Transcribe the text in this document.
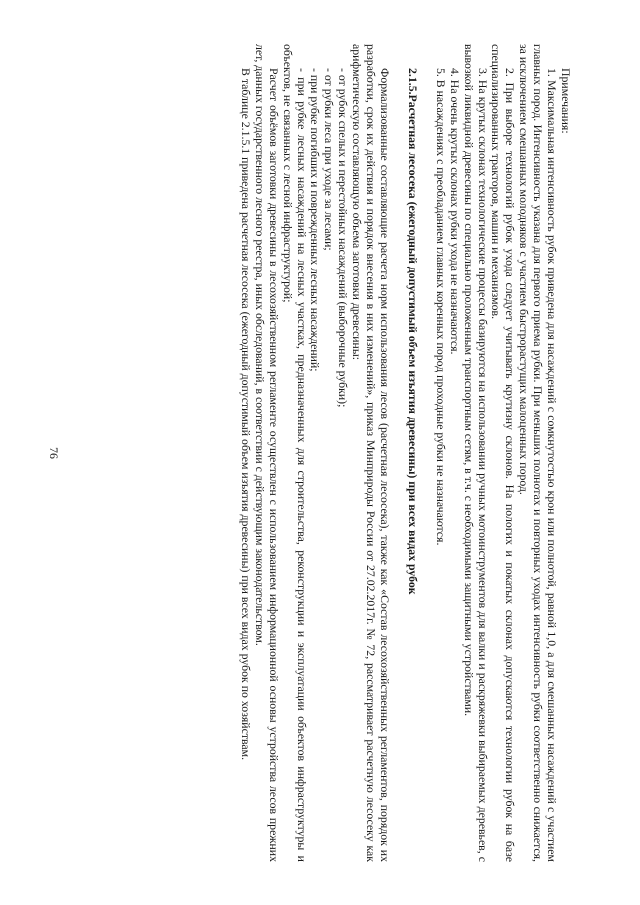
Примечания:

1. Максимальная интенсивность рубок приведена для насаждений с сомкнутостью крон или полнотой, равной 1,0, а для смешанных насаждений с участием главных пород. Интенсивность указана для первого приема рубки. При меньших полнотах и повторных уходах интенсивность рубки соответственно снижается, за исключением смешанных молодняков с участием быстрорастущих малоценных пород.

2. При выборе технологий рубок ухода следует учитывать крутизну склонов. На пологих и покатых склонах допускаются технологии рубок на базе специализированных тракторов, машин и механизмов.

3. На крутых склонах технологические процессы базируются на использовании ручных мотоинструментов для валки и раскряжевки выбираемых деревьев, с вывозкой ликвидной древесины по специально проложенным транспортным сетям, в т.ч. с необходимыми защитными устройствами.

4. На очень крутых склонах рубки ухода не назначаются.

5. В насаждениях с преобладанием главных коренных пород проходные рубки не назначаются.

2.1.5.Расчетная лесосека (ежегодный допустимый объем изъятия древесины) при всех видах рубок

Формализованные составляющие расчета норм использования лесов (расчетная лесосека), также как «Состав лесохозяйственных регламентов, порядок их разработки, срок их действия и порядок внесения в них изменений», приказ Минприроды России от 27.02.2017г. № 72, рассматривает расчетную лесосеку как арифметическую составляющую объема заготовки древесины:

- от рубок спелых и перестойных насаждений (выборочные рубки);

- от рубки леса при уходе за лесами;

- при рубке погибших и поврежденных лесных насаждений;

- при рубке лесных насаждений на лесных участках, предназначенных для строительства, реконструкции и эксплуатации объектов инфраструктуры и объектов, не связанных с лесной инфраструктурой;

Расчет объёмов заготовки древесины в лесохозяйственном регламенте осуществлен с использованием информационной основы устройства лесов прежних лет, данных государственного лесного реестра, иных обследований, в соответствии с действующим законодательством.

В таблице 2.1.5.1 приведена расчетная лесосека (ежегодный допустимый объем изъятия древесины) при всех видах рубок по хозяйствам.

76
